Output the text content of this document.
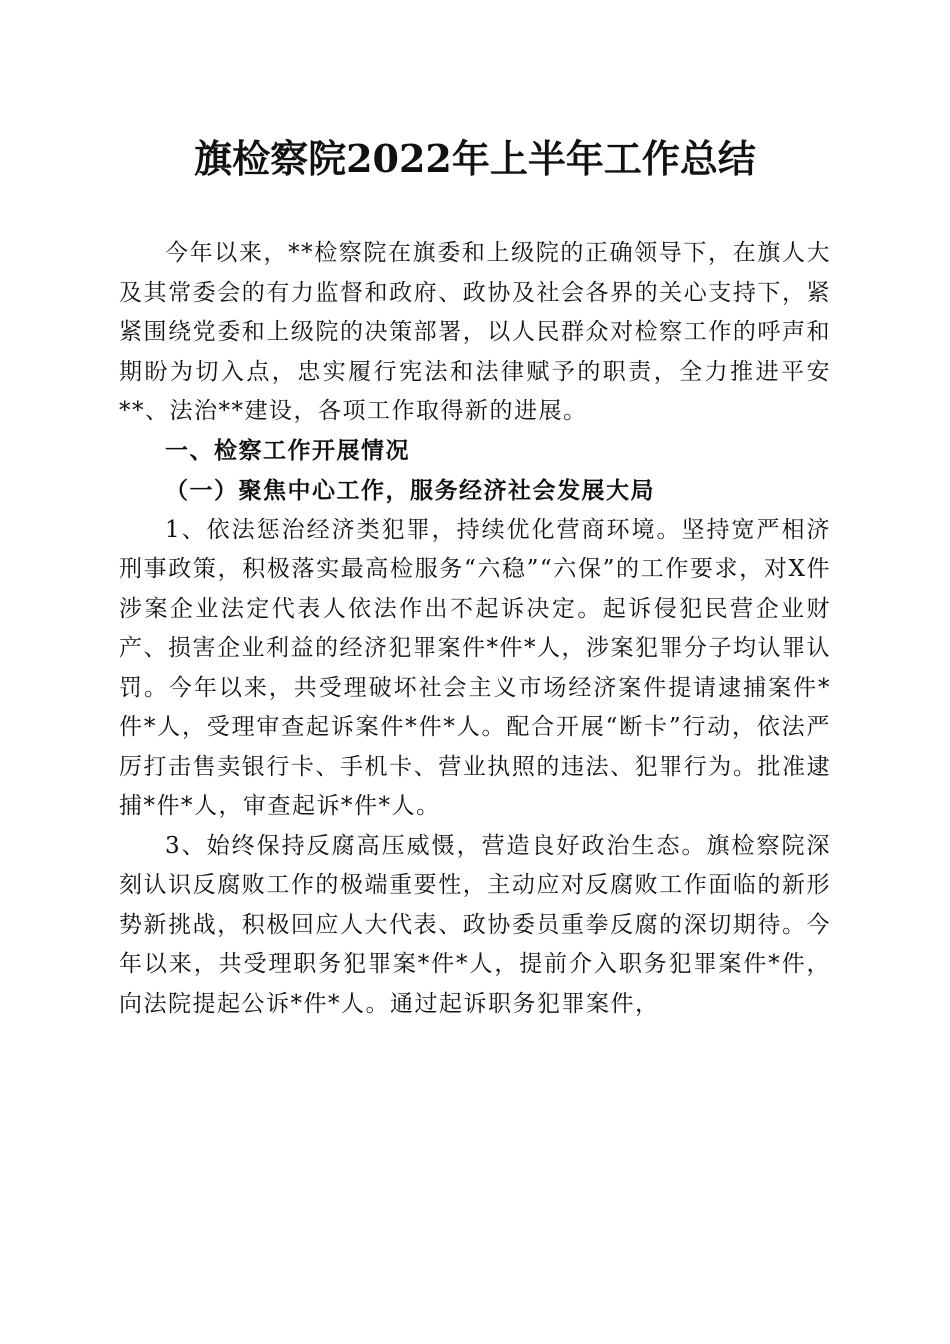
旗检察院2022年上半年工作总结

今年以来，**检察院在旗委和上级院的正确领导下，在旗人大及其常委会的有力监督和政府、政协及社会各界的关心支持下，紧紧围绕党委和上级院的决策部署，以人民群众对检察工作的呼声和期盼为切入点，忠实履行宪法和法律赋予的职责，全力推进平安**、法治**建设，各项工作取得新的进展。

一、检察工作开展情况

（一）聚焦中心工作，服务经济社会发展大局

1、依法惩治经济类犯罪，持续优化营商环境。坚持宽严相济刑事政策，积极落实最高检服务“六稳”“六保”的工作要求，对X件涉案企业法定代表人依法作出不起诉决定。起诉侵犯民营企业财产、损害企业利益的经济犯罪案件*件*人，涉案犯罪分子均认罪认罚。今年以来，共受理破坏社会主义市场经济案件提请逮捕案件*件*人，受理审查起诉案件*件*人。配合开展“断卡”行动，依法严厉打击售卖银行卡、手机卡、营业执照的违法、犯罪行为。批准逮捕*件*人，审查起诉*件*人。

3、始终保持反腐高压威慑，营造良好政治生态。旗检察院深刻认识反腐败工作的极端重要性，主动应对反腐败工作面临的新形势新挑战，积极回应人大代表、政协委员重拳反腐的深切期待。今年以来，共受理职务犯罪案*件*人，提前介入职务犯罪案件*件，向法院提起公诉*件*人。通过起诉职务犯罪案件，
